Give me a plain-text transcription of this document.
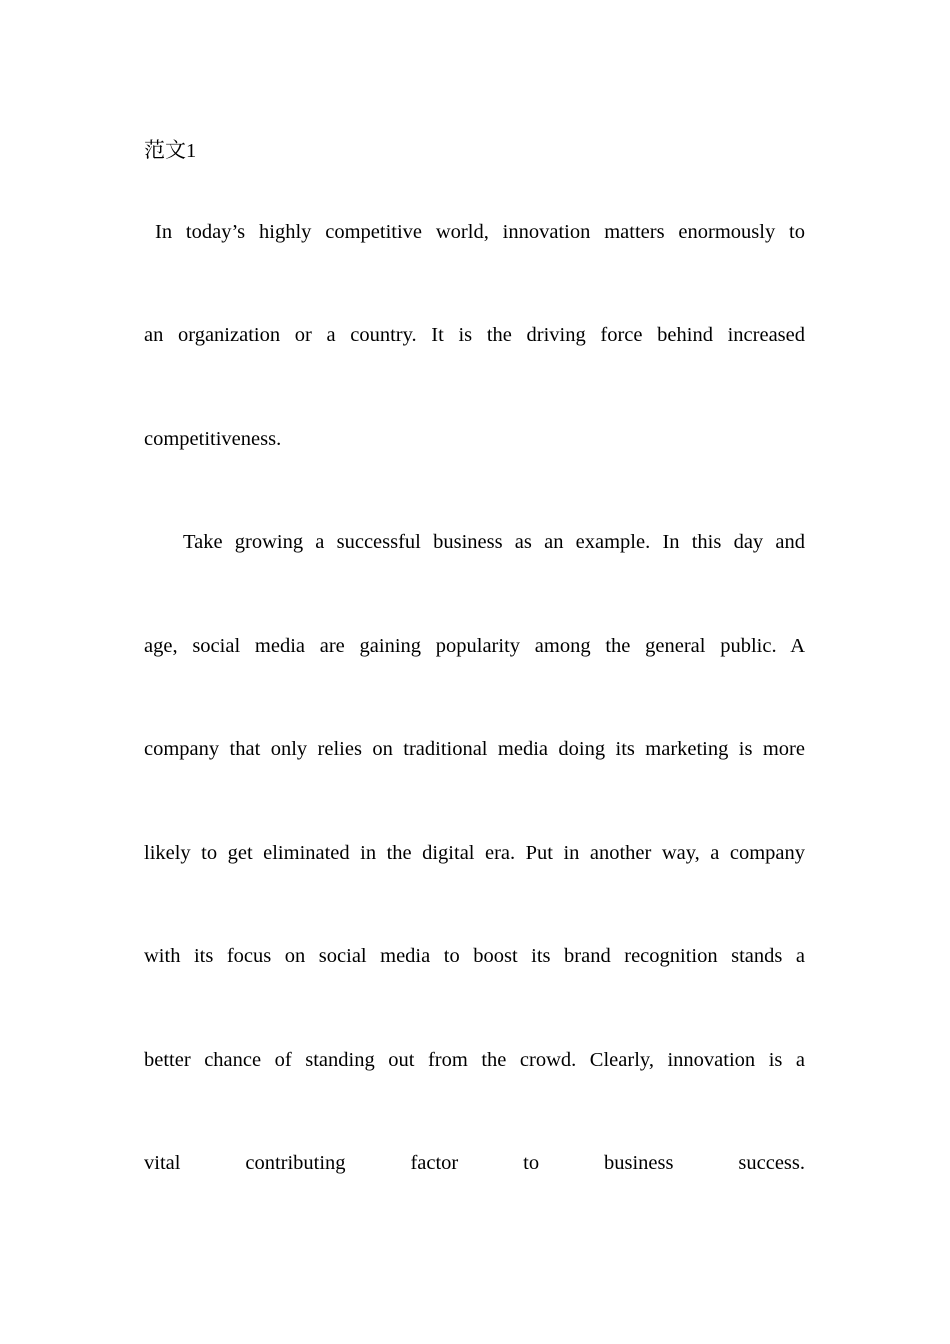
范文1
In today’s highly competitive world, innovation matters enormously to
an organization or a country. It is the driving force behind increased
competitiveness.
Take growing a successful business as an example. In this day and
age, social media are gaining popularity among the general public. A
company that only relies on traditional media doing its marketing is more
likely to get eliminated in the digital era. Put in another way, a company
with its focus on social media to boost its brand recognition stands a
better chance of standing out from the crowd. Clearly, innovation is a
vital contributing factor to business success.
